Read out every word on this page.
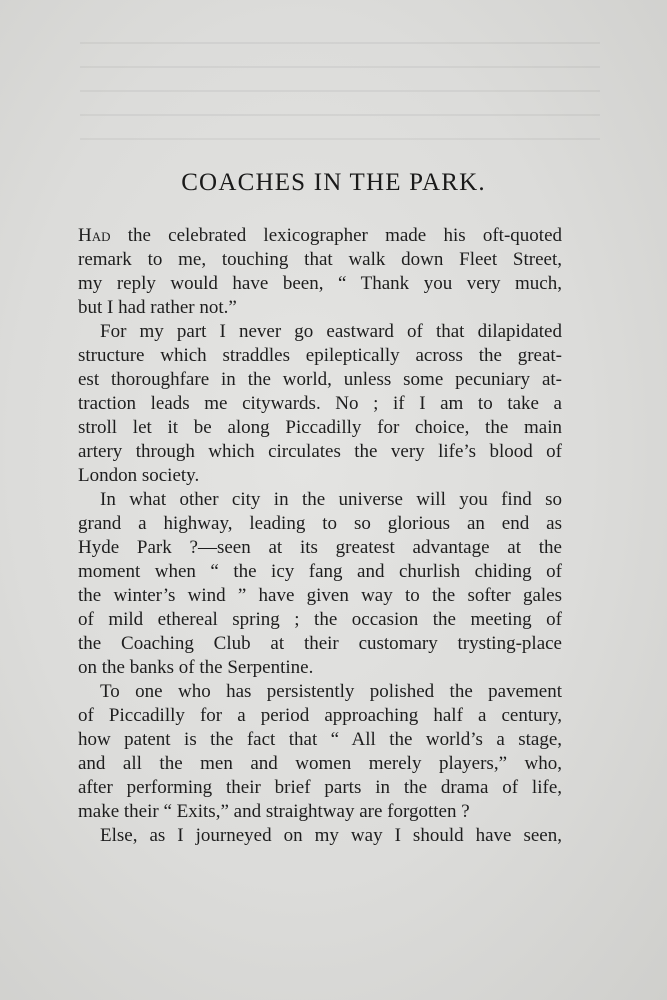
COACHES IN THE PARK.
Had the celebrated lexicographer made his oft-quoted
remark to me, touching that walk down Fleet Street,
my reply would have been, “ Thank you very much,
but I had rather not.”
For my part I never go eastward of that dilapidated
structure which straddles epileptically across the great-
est thoroughfare in the world, unless some pecuniary at-
traction leads me citywards. No ; if I am to take a
stroll let it be along Piccadilly for choice, the main
artery through which circulates the very life’s blood of
London society.
In what other city in the universe will you find so
grand a highway, leading to so glorious an end as
Hyde Park ?—seen at its greatest advantage at the
moment when “ the icy fang and churlish chiding of
the winter’s wind ” have given way to the softer gales
of mild ethereal spring ; the occasion the meeting of
the Coaching Club at their customary trysting-place
on the banks of the Serpentine.
To one who has persistently polished the pavement
of Piccadilly for a period approaching half a century,
how patent is the fact that “ All the world’s a stage,
and all the men and women merely players,” who,
after performing their brief parts in the drama of life,
make their “ Exits,” and straightway are forgotten ?
Else, as I journeyed on my way I should have seen,
